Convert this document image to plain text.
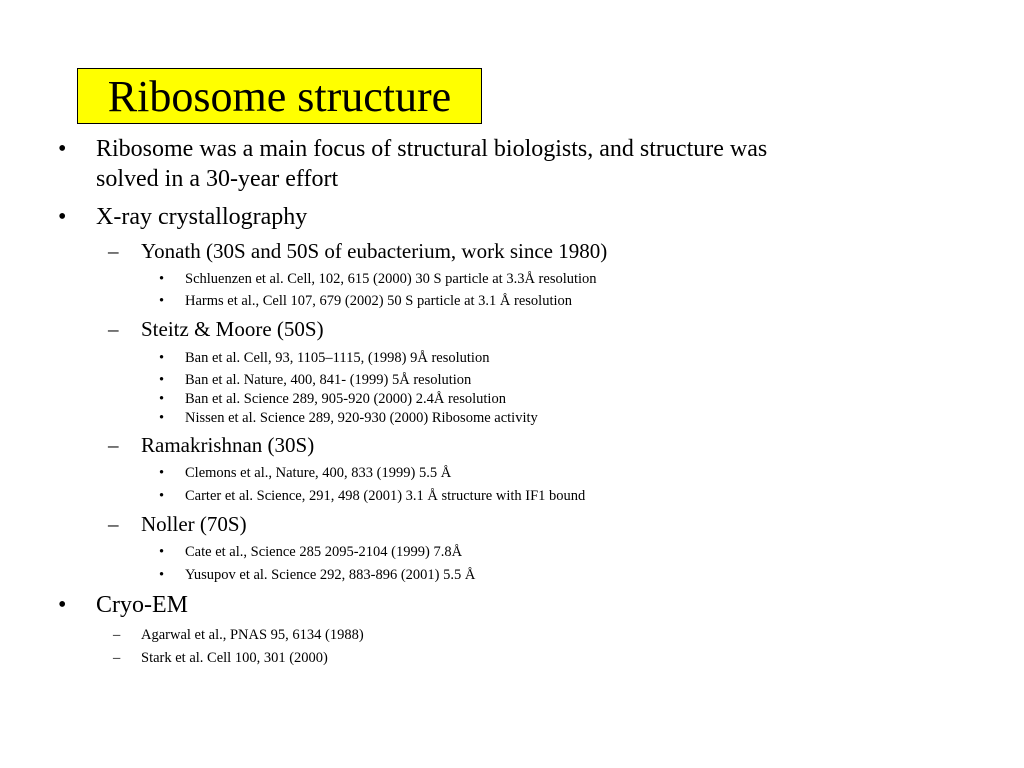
Ribosome structure
• Ribosome was a main focus of structural biologists, and structure was
solved in a 30-year effort
• X-ray crystallography
– Yonath (30S and 50S of eubacterium, work since 1980)
• Schluenzen et al. Cell, 102, 615 (2000) 30 S particle at 3.3Å resolution
• Harms et al., Cell 107, 679 (2002) 50 S particle at 3.1 Å resolution
– Steitz & Moore (50S)
• Ban et al. Cell, 93, 1105–1115, (1998) 9Å resolution
• Ban et al. Nature, 400, 841- (1999) 5Å resolution
• Ban et al. Science 289, 905-920 (2000) 2.4Å resolution
• Nissen et al. Science 289, 920-930 (2000) Ribosome activity
– Ramakrishnan (30S)
• Clemons et al., Nature, 400, 833 (1999) 5.5 Å
• Carter et al. Science, 291, 498 (2001) 3.1 Å structure with IF1 bound
– Noller (70S)
• Cate et al., Science 285 2095-2104 (1999) 7.8Å
• Yusupov et al. Science 292, 883-896 (2001) 5.5 Å
• Cryo-EM
– Agarwal et al., PNAS 95, 6134 (1988)
– Stark et al. Cell 100, 301 (2000)
